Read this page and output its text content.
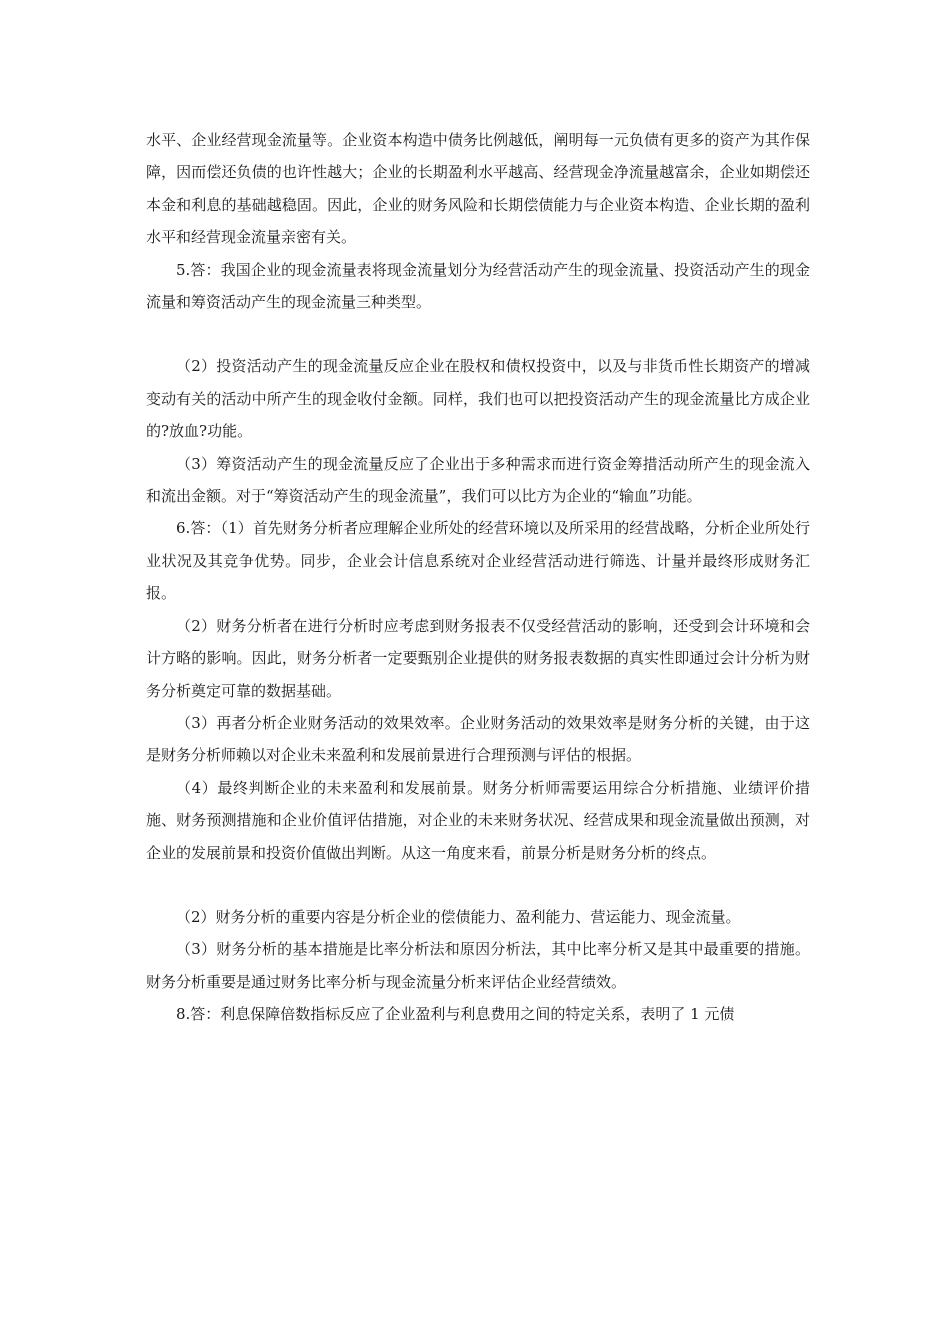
水平、企业经营现金流量等。企业资本构造中债务比例越低，阐明每一元负债有更多的资产为其作保障，因而偿还负债的也许性越大；企业的长期盈利水平越高、经营现金净流量越富余，企业如期偿还本金和利息的基础越稳固。因此，企业的财务风险和长期偿债能力与企业资本构造、企业长期的盈利水平和经营现金流量亲密有关。

5.答：我国企业的现金流量表将现金流量划分为经营活动产生的现金流量、投资活动产生的现金流量和筹资活动产生的现金流量三种类型。

（2）投资活动产生的现金流量反应企业在股权和债权投资中，以及与非货币性长期资产的增减变动有关的活动中所产生的现金收付金额。同样，我们也可以把投资活动产生的现金流量比方成企业的?放血?功能。

（3）筹资活动产生的现金流量反应了企业出于多种需求而进行资金筹措活动所产生的现金流入和流出金额。对于“筹资活动产生的现金流量”，我们可以比方为企业的“输血”功能。

6.答：（1）首先财务分析者应理解企业所处的经营环境以及所采用的经营战略，分析企业所处行业状况及其竞争优势。同步，企业会计信息系统对企业经营活动进行筛选、计量并最终形成财务汇报。

（2）财务分析者在进行分析时应考虑到财务报表不仅受经营活动的影响，还受到会计环境和会计方略的影响。因此，财务分析者一定要甄别企业提供的财务报表数据的真实性即通过会计分析为财务分析奠定可靠的数据基础。

（3）再者分析企业财务活动的效果效率。企业财务活动的效果效率是财务分析的关键，由于这是财务分析师赖以对企业未来盈利和发展前景进行合理预测与评估的根据。

（4）最终判断企业的未来盈利和发展前景。财务分析师需要运用综合分析措施、业绩评价措施、财务预测措施和企业价值评估措施，对企业的未来财务状况、经营成果和现金流量做出预测，对企业的发展前景和投资价值做出判断。从这一角度来看，前景分析是财务分析的终点。

（2）财务分析的重要内容是分析企业的偿债能力、盈利能力、营运能力、现金流量。

（3）财务分析的基本措施是比率分析法和原因分析法，其中比率分析又是其中最重要的措施。财务分析重要是通过财务比率分析与现金流量分析来评估企业经营绩效。

8.答：利息保障倍数指标反应了企业盈利与利息费用之间的特定关系，表明了 1 元债
